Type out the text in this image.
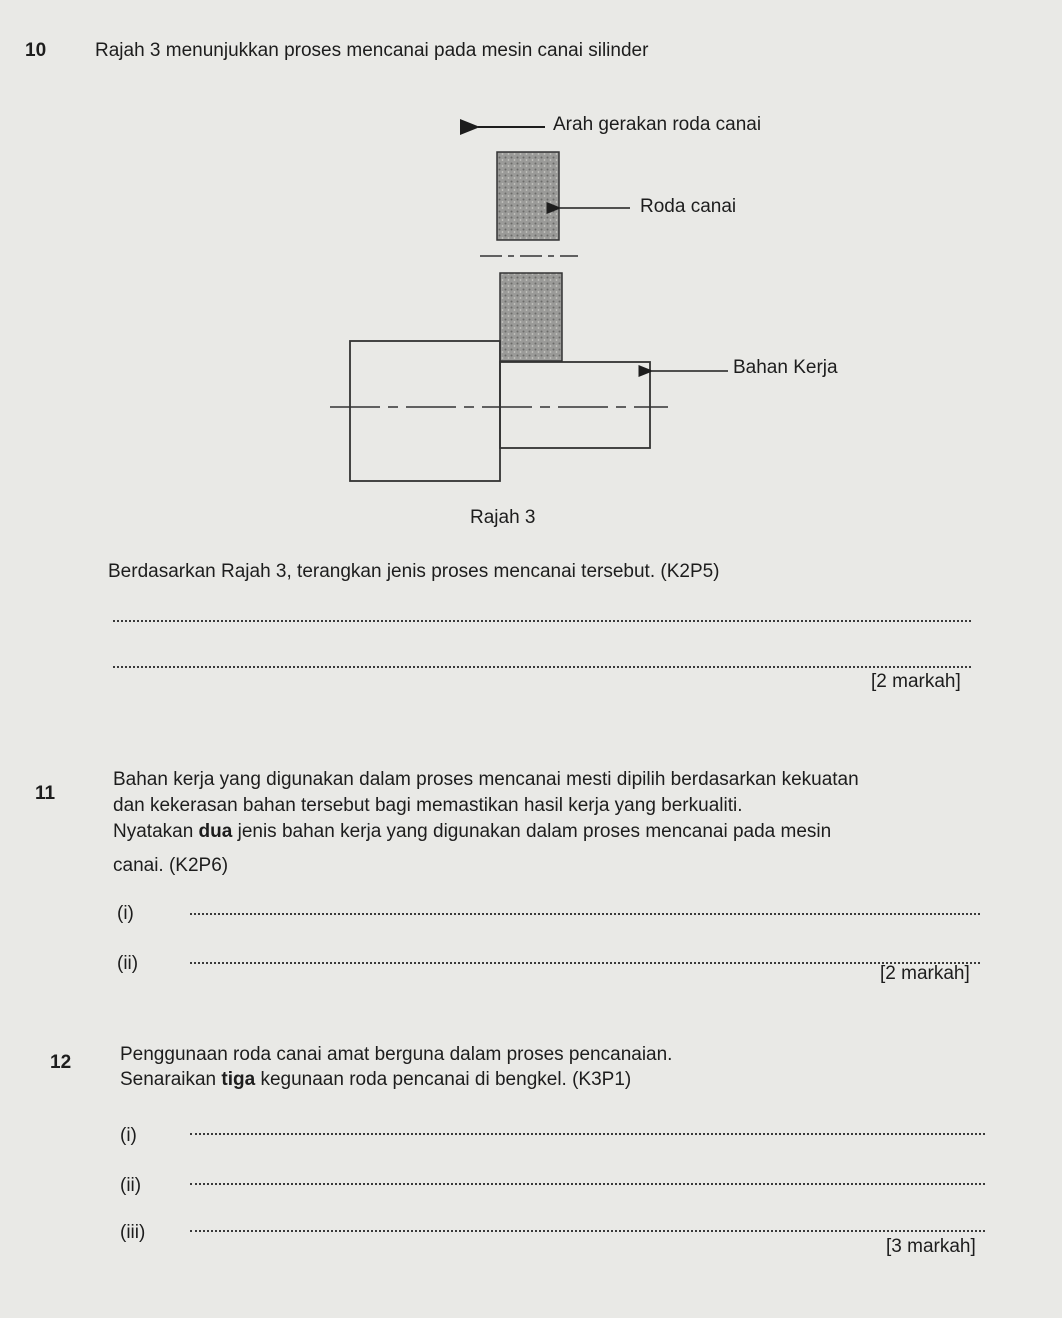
10	Rajah 3 menunjukkan proses mencanai pada mesin canai silinder
Arah gerakan roda canai
Roda canai
Bahan Kerja
Rajah 3
Berdasarkan Rajah 3, terangkan jenis proses mencanai tersebut. (K2P5)
[2 markah]
11
Bahan kerja yang digunakan dalam proses mencanai mesti dipilih berdasarkan kekuatan
dan kekerasan bahan tersebut bagi memastikan hasil kerja yang berkualiti.
Nyatakan dua jenis bahan kerja yang digunakan dalam proses mencanai pada mesin
canai. (K2P6)
(i)
(ii)	[2 markah]
12	Penggunaan roda canai amat berguna dalam proses pencanaian.
Senaraikan tiga kegunaan roda pencanai di bengkel. (K3P1)
(i)
(ii)
(iii)
[3 markah]
